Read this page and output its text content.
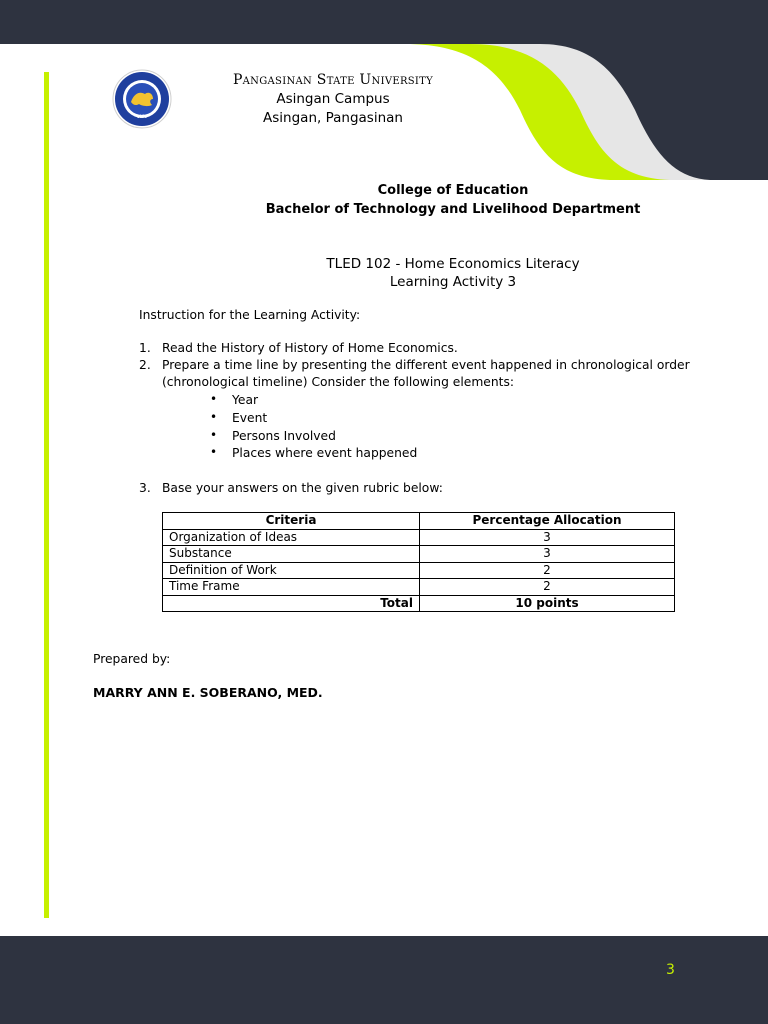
1970
Pangasinan State University
Asingan Campus
Asingan, Pangasinan
College of Education
Bachelor of Technology and Livelihood Department
TLED 102 - Home Economics Literacy
Learning Activity 3
Instruction for the Learning Activity:
1. Read the History of History of Home Economics.
2. Prepare a time line by presenting the different event happened in chronological order
(chronological timeline) Consider the following elements:
• Year
• Event
• Persons Involved
• Places where event happened
3. Base your answers on the given rubric below:
Criteria	Percentage Allocation
Organization of Ideas	3
Substance	3
Definition of Work	2
Time Frame	2
Total	10 points
Prepared by:
MARRY ANN E. SOBERANO, MED.
3
